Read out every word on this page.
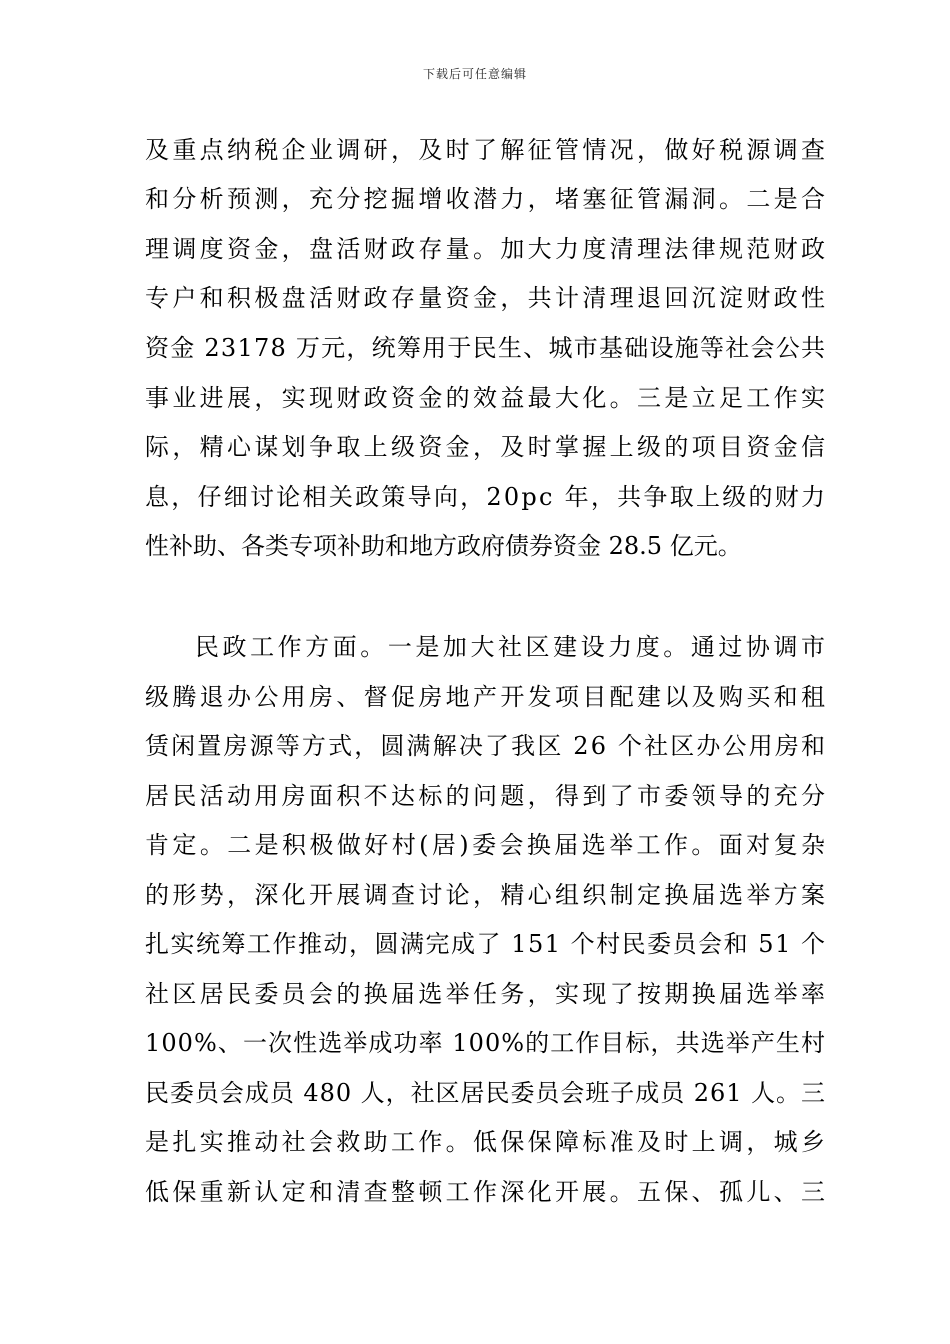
下载后可任意编辑
及重点纳税企业调研，及时了解征管情况，做好税源调查
和分析预测，充分挖掘增收潜力，堵塞征管漏洞。二是合
理调度资金，盘活财政存量。加大力度清理法律规范财政
专户和积极盘活财政存量资金，共计清理退回沉淀财政性
资金 23178 万元，统筹用于民生、城市基础设施等社会公共
事业进展，实现财政资金的效益最大化。三是立足工作实
际，精心谋划争取上级资金，及时掌握上级的项目资金信
息，仔细讨论相关政策导向，20pc 年，共争取上级的财力
性补助、各类专项补助和地方政府债券资金 28.5 亿元。
民政工作方面。一是加大社区建设力度。通过协调市
级腾退办公用房、督促房地产开发项目配建以及购买和租
赁闲置房源等方式，圆满解决了我区 26 个社区办公用房和
居民活动用房面积不达标的问题，得到了市委领导的充分
肯定。二是积极做好村(居)委会换届选举工作。面对复杂
的形势，深化开展调查讨论，精心组织制定换届选举方案
扎实统筹工作推动，圆满完成了 151 个村民委员会和 51 个
社区居民委员会的换届选举任务，实现了按期换届选举率
100%、一次性选举成功率 100%的工作目标，共选举产生村
民委员会成员 480 人，社区居民委员会班子成员 261 人。三
是扎实推动社会救助工作。低保保障标准及时上调，城乡
低保重新认定和清查整顿工作深化开展。五保、孤儿、三
